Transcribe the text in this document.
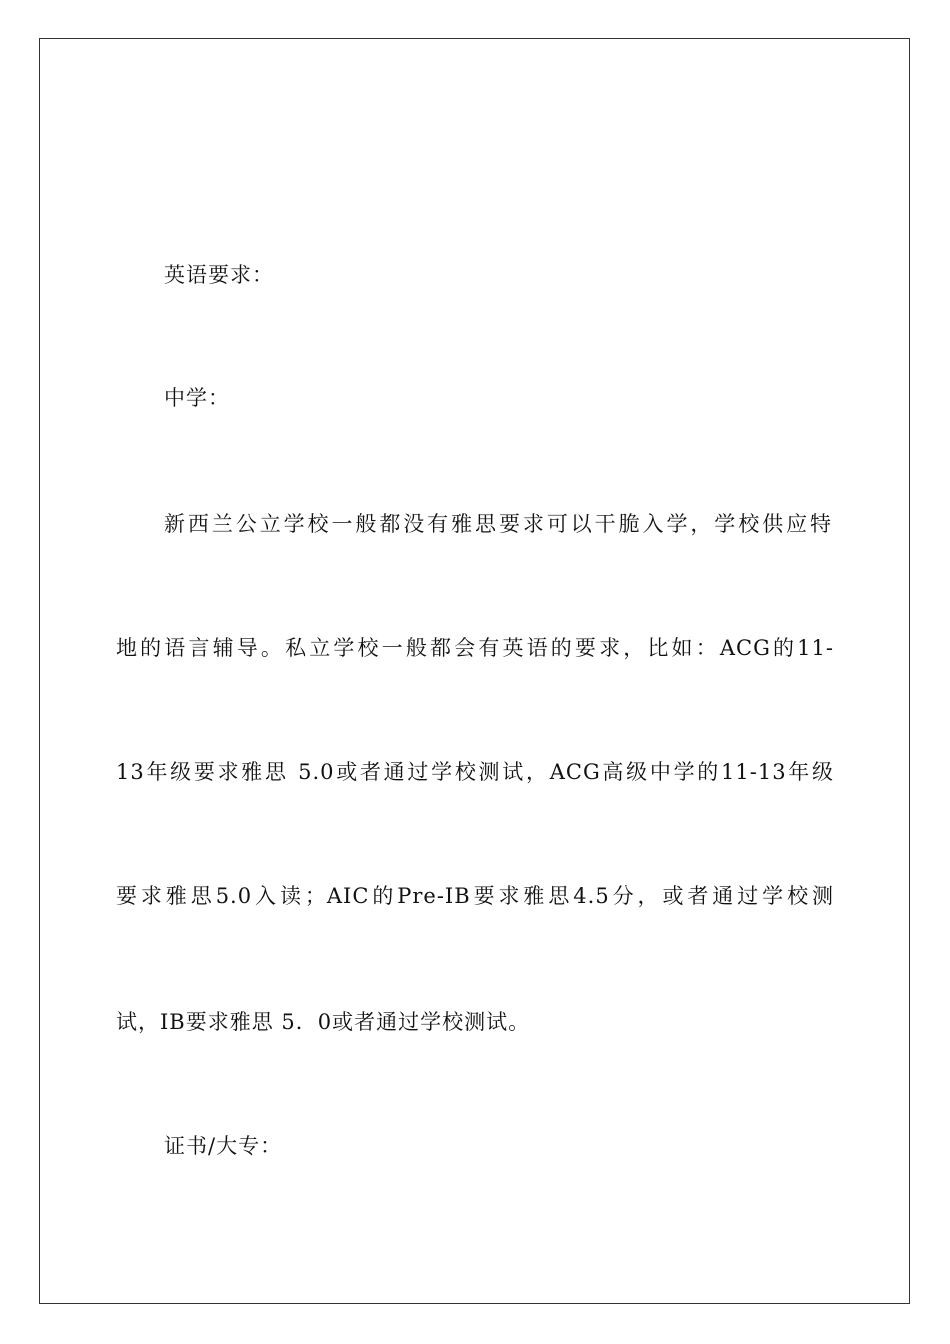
英语要求：
中学：
新西兰公立学校一般都没有雅思要求可以干脆入学，学校供应特
地的语言辅导。私立学校一般都会有英语的要求，比如：ACG的11-
13年级要求雅思 5.0或者通过学校测试，ACG高级中学的11-13年级
要求雅思5.0入读；AIC的Pre-IB要求雅思4.5分，或者通过学校测
试，IB要求雅思 5．0或者通过学校测试。
证书/大专：
